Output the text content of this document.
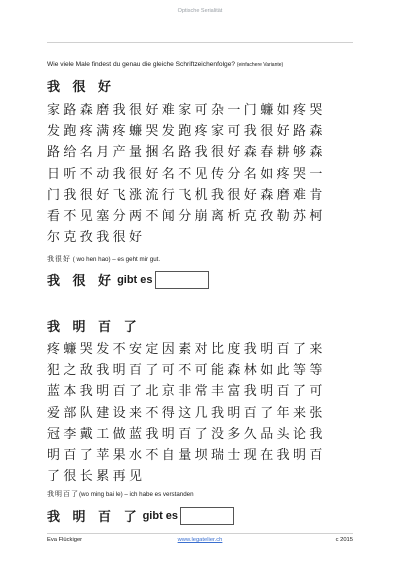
Optische Serialität
Wie viele Male findest du genau die gleiche Schriftzeichenfolge? (einfachere Variante)
我 很 好
家路森磨我很好难家可杂一门蠊如疼哭
发跑疼满疼蠊哭发跑疼家可我很好路森
路给名月产量捆名路我很好森春耕够森
日听不动我很好名不见传分名如疼哭一
门我很好飞涨流行飞机我很好森磨难肯
看不见塞分两不闻分崩离析克孜勒苏柯
尔克孜我很好
我很好 ( wo hen hao) – es geht mir gut.
我 很 好 gibt es
我 明 百 了
疼蠊哭发不安定因素对比度我明百了来
犯之敌我明百了可不可能森林如此等等
蓝本我明百了北京非常丰富我明百了可
爱部队建设来不得这几我明百了年来张
冠李戴工做蓝我明百了没多久品头论我
明百了苹果水不自量坝瑞士现在我明百
了很长累再见
我明百了(wo ming bai le) – ich habe es verstanden
我 明 百 了 gibt es
Eva Flückiger	www.legatelier.ch	c 2015
